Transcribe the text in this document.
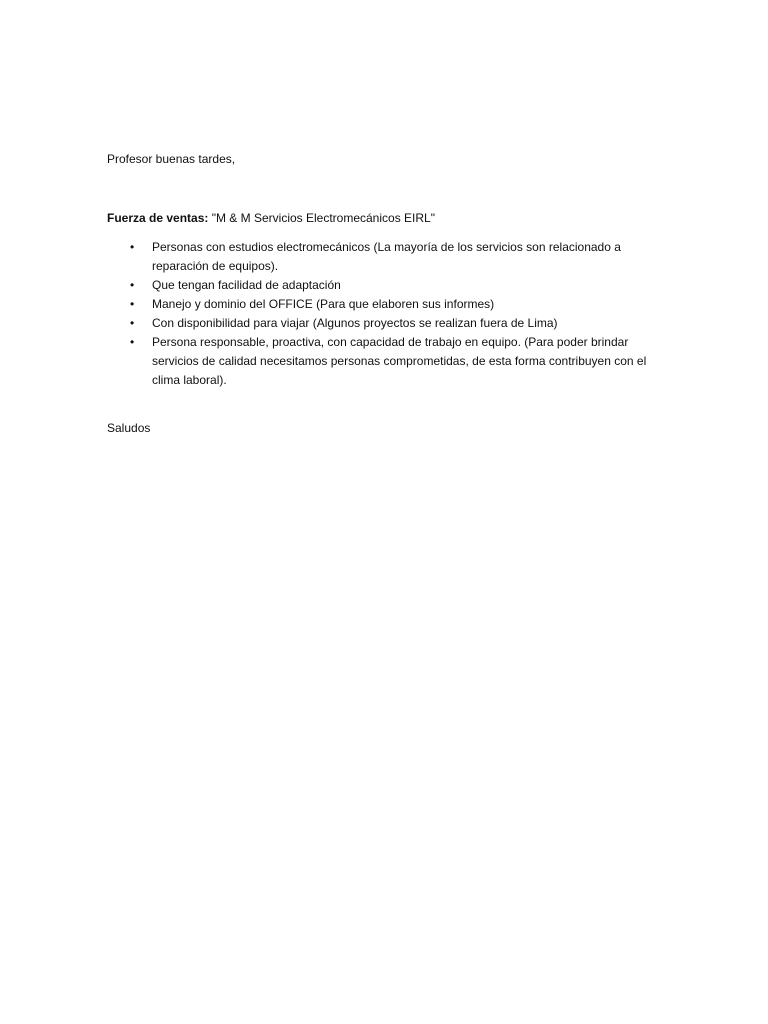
Profesor buenas tardes,

Fuerza de ventas: "M & M Servicios Electromecánicos EIRL"

• Personas con estudios electromecánicos (La mayoría de los servicios son relacionado a reparación de equipos).
• Que tengan facilidad de adaptación
• Manejo y dominio del OFFICE (Para que elaboren sus informes)
• Con disponibilidad para viajar (Algunos proyectos se realizan fuera de Lima)
• Persona responsable, proactiva, con capacidad de trabajo en equipo. (Para poder brindar servicios de calidad necesitamos personas comprometidas, de esta forma contribuyen con el clima laboral).

Saludos
